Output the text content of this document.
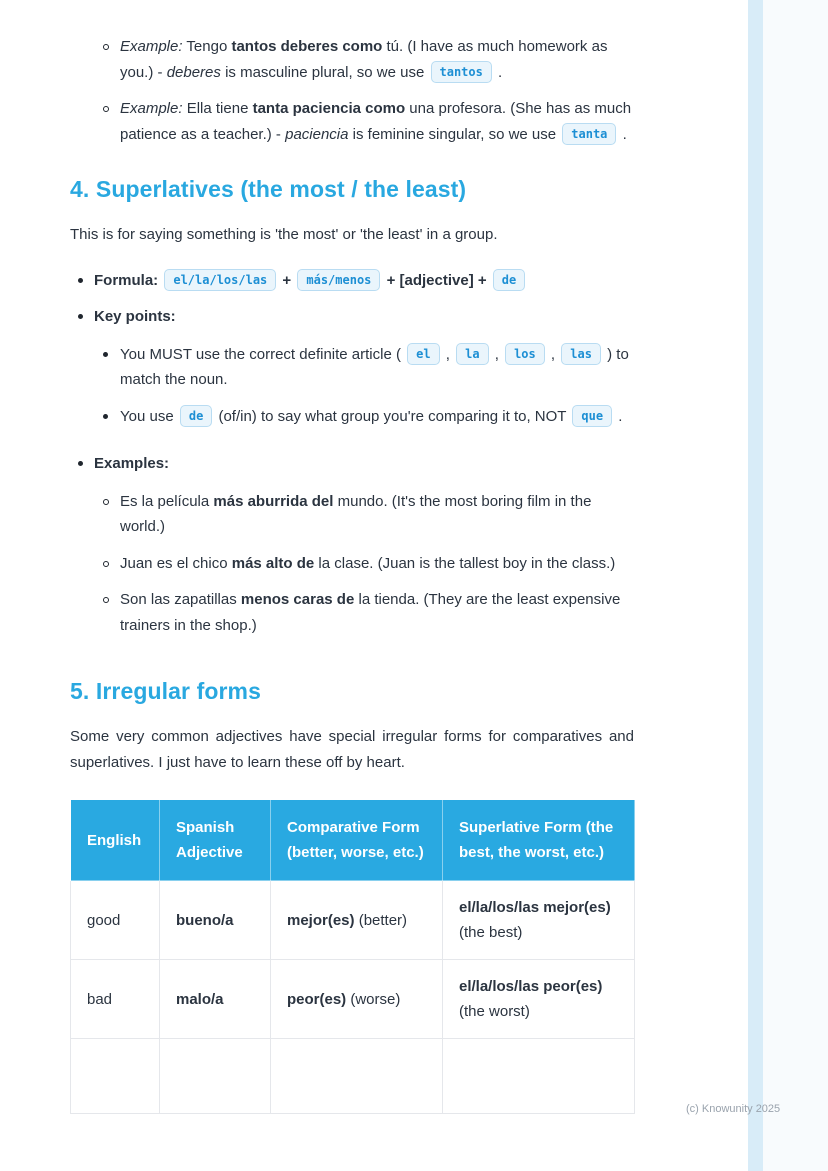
(c) Knowunity 2025
Example: Tengo tantos deberes como tú. (I have as much homework as you.) - deberes is masculine plural, so we use tantos .
Example: Ella tiene tanta paciencia como una profesora. (She has as much patience as a teacher.) - paciencia is feminine singular, so we use tanta .
4. Superlatives (the most / the least)

This is for saying something is 'the most' or 'the least' in a group.

Formula: el/la/los/las + más/menos + [adjective] + de
Key points:
You MUST use the correct definite article ( el , la , los , las ) to match the noun.
You use de (of/in) to say what group you're comparing it to, NOT que .
Examples:
Es la película más aburrida del mundo. (It's the most boring film in the world.)
Juan es el chico más alto de la clase. (Juan is the tallest boy in the class.)
Son las zapatillas menos caras de la tienda. (They are the least expensive trainers in the shop.)
5. Irregular forms

Some very common adjectives have special irregular forms for comparatives and superlatives. I just have to learn these off by heart.

English	Spanish Adjective	Comparative Form (better, worse, etc.)	Superlative Form (the best, the worst, etc.)
good	bueno/a	mejor(es) (better)	el/la/los/las mejor(es) (the best)
bad	malo/a	peor(es) (worse)	el/la/los/las peor(es) (the worst)
